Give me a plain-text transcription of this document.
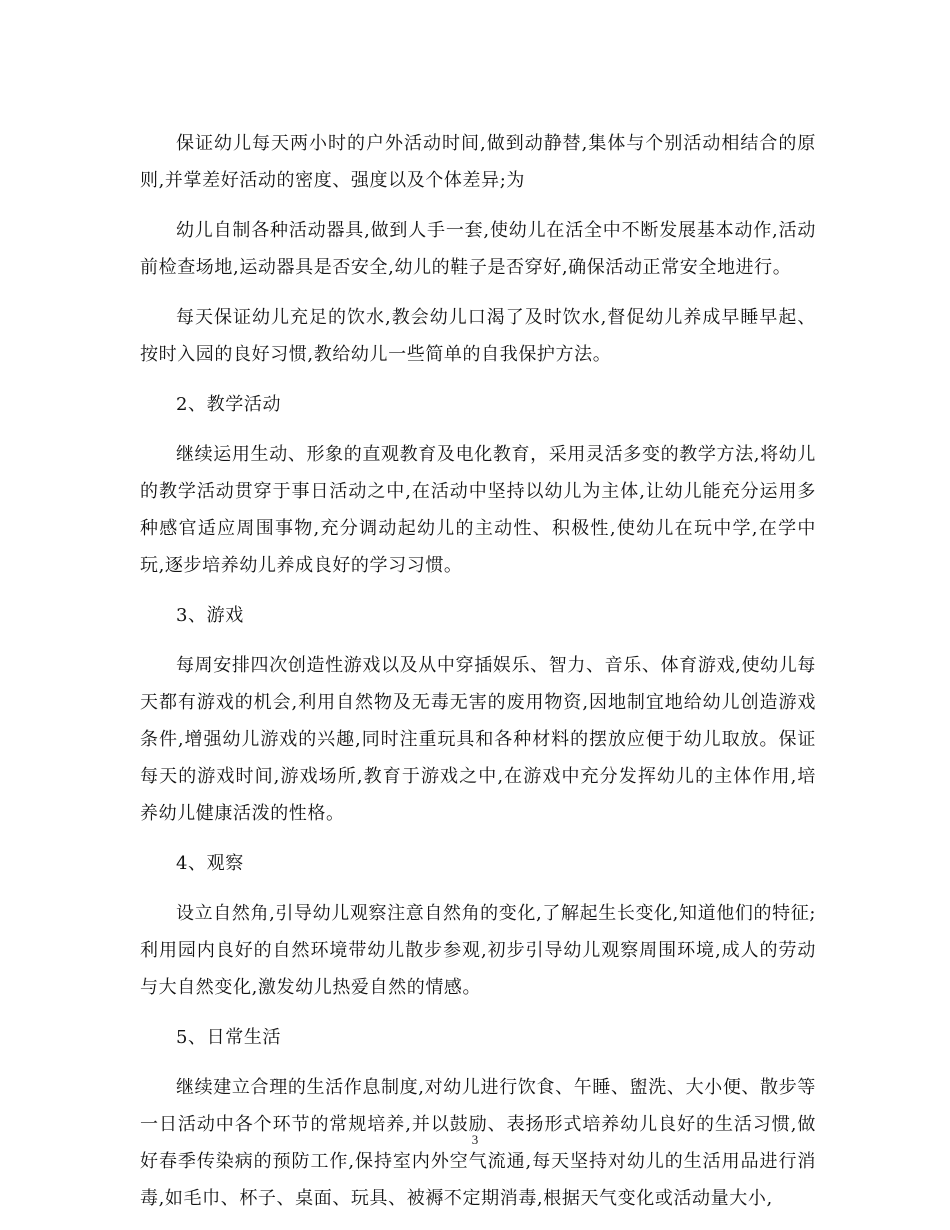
保证幼儿每天两小时的户外活动时间,做到动静替,集体与个别活动相结合的原则,并掌差好活动的密度、强度以及个体差异;为

幼儿自制各种活动器具,做到人手一套,使幼儿在活全中不断发展基本动作,活动前检查场地,运动器具是否安全,幼儿的鞋子是否穿好,确保活动正常安全地进行。

每天保证幼儿充足的饮水,教会幼儿口渴了及时饮水,督促幼儿养成早睡早起、按时入园的良好习惯,教给幼儿一些简单的自我保护方法。

2、教学活动

继续运用生动、形象的直观教育及电化教育，采用灵活多变的教学方法,将幼儿的教学活动贯穿于事日活动之中,在活动中坚持以幼儿为主体,让幼儿能充分运用多种感官适应周围事物,充分调动起幼儿的主动性、积极性,使幼儿在玩中学,在学中玩,逐步培养幼儿养成良好的学习习惯。

3、游戏

每周安排四次创造性游戏以及从中穿插娱乐、智力、音乐、体育游戏,使幼儿每天都有游戏的机会,利用自然物及无毒无害的废用物资,因地制宜地给幼儿创造游戏条件,增强幼儿游戏的兴趣,同时注重玩具和各种材料的摆放应便于幼儿取放。保证每天的游戏时间,游戏场所,教育于游戏之中,在游戏中充分发挥幼儿的主体作用,培养幼儿健康活泼的性格。

4、观察

设立自然角,引导幼儿观察注意自然角的变化,了解起生长变化,知道他们的特征;利用园内良好的自然环境带幼儿散步参观,初步引导幼儿观察周围环境,成人的劳动与大自然变化,激发幼儿热爱自然的情感。

5、日常生活

继续建立合理的生活作息制度,对幼儿进行饮食、午睡、盥洗、大小便、散步等一日活动中各个环节的常规培养,并以鼓励、表扬形式培养幼儿良好的生活习惯,做好春季传染病的预防工作,保持室内外空气流通,每天坚持对幼儿的生活用品进行消毒,如毛巾、杯子、桌面、玩具、被褥不定期消毒,根据天气变化或活动量大小,

3
